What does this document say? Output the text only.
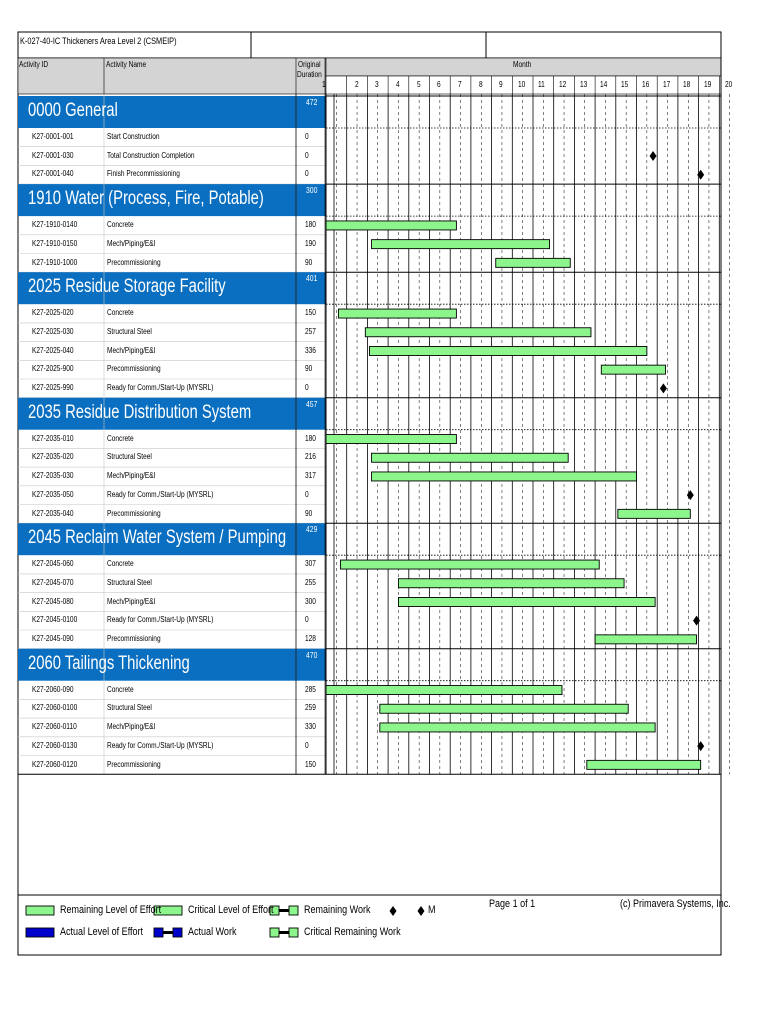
K-027-40-IC Thickeners Area Level 2 (CSMEIP)
Activity ID	Activity Name	Original
Duration
Month
1	2 3 4 5 6 7 8 9 10 11 12 13 14 15 16 17 18 19 20
0000 General	472
K27-0001-001	Start Construction	0
K27-0001-030	Total Construction Completion	0
K27-0001-040	Finish Precommissioning	0
1910 Water (Process, Fire, Potable)	300
K27-1910-0140	Concrete	180
K27-1910-0150	Mech/Piping/E&I	190
K27-1910-1000	Precommissioning	90
2025 Residue Storage Facility	401
K27-2025-020	Concrete	150
K27-2025-030	Structural Steel	257
K27-2025-040	Mech/Piping/E&I	336
K27-2025-900	Precommissioning	90
K27-2025-990	Ready for Comm./Start-Up (MYSRL)	0
2035 Residue Distribution System	457
K27-2035-010	Concrete	180
K27-2035-020	Structural Steel	216
K27-2035-030	Mech/Piping/E&I	317
K27-2035-050	Ready for Comm./Start-Up (MYSRL)	0
K27-2035-040	Precommissioning	90
2045 Reclaim Water System / Pumping 429
K27-2045-060	Concrete	307
K27-2045-070	Structural Steel	255
K27-2045-080	Mech/Piping/E&I	300
K27-2045-0100	Ready for Comm./Start-Up (MYSRL)	0
K27-2045-090	Precommissioning	128
2060 Tailings Thickening	470
K27-2060-090	Concrete	285
K27-2060-0100	Structural Steel	259
K27-2060-0110	Mech/Piping/E&I	330
K27-2060-0130	Ready for Comm./Start-Up (MYSRL)	0
K27-2060-0120	Precommissioning	150
Remaining Level of Effort Critical Level of Effort	Remaining Work
Actual Level of Effort	Actual Work	Critical Remaining Work
M	Page 1 of 1	(c) Primavera Systems, Inc.
